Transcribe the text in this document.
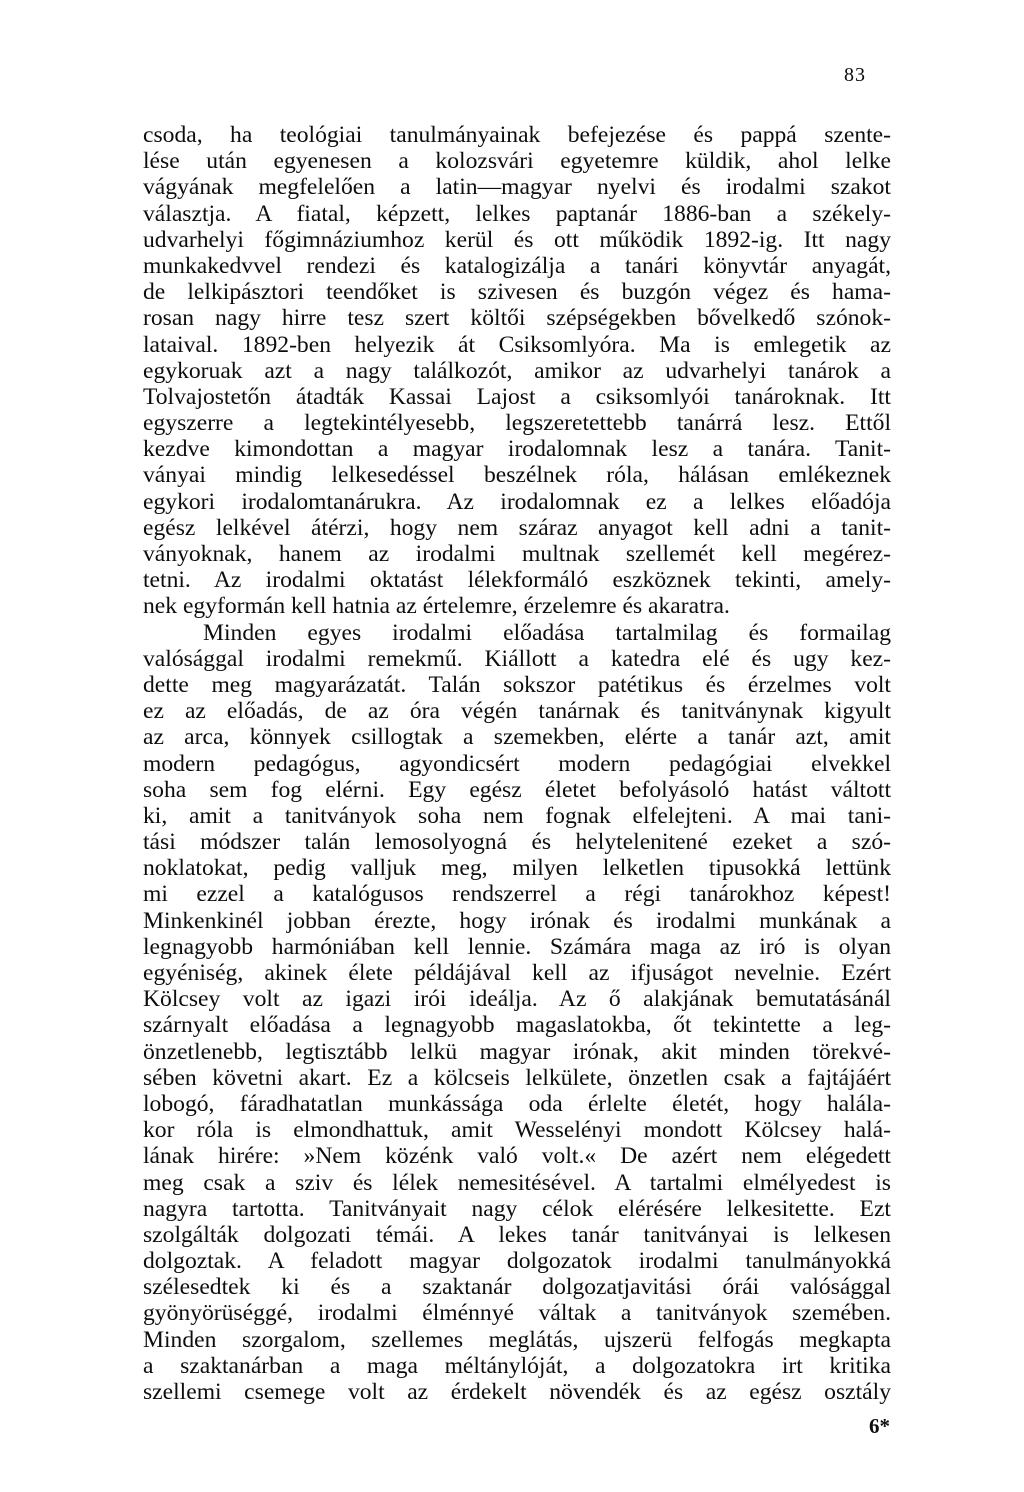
83
csoda, ha teológiai tanulmányainak befejezése és pappá szente-
lése után egyenesen a kolozsvári egyetemre küldik, ahol lelke
vágyának megfelelően a latin—magyar nyelvi és irodalmi szakot
választja. A fiatal, képzett, lelkes paptanár 1886-ban a székely-
udvarhelyi főgimnáziumhoz kerül és ott működik 1892-ig. Itt nagy
munkakedvvel rendezi és katalogizálja a tanári könyvtár anyagát,
de lelkipásztori teendőket is szivesen és buzgón végez és hama-
rosan nagy hirre tesz szert költői szépségekben bővelkedő szónok-
lataival. 1892-ben helyezik át Csiksomlyóra. Ma is emlegetik az
egykoruak azt a nagy találkozót, amikor az udvarhelyi tanárok a
Tolvajostetőn átadták Kassai Lajost a csiksomlyói tanároknak. Itt
egyszerre a legtekintélyesebb, legszeretettebb tanárrá lesz. Ettől
kezdve kimondottan a magyar irodalomnak lesz a tanára. Tanit-
ványai mindig lelkesedéssel beszélnek róla, hálásan emlékeznek
egykori irodalomtanárukra. Az irodalomnak ez a lelkes előadója
egész lelkével átérzi, hogy nem száraz anyagot kell adni a tanit-
ványoknak, hanem az irodalmi multnak szellemét kell megérez-
tetni. Az irodalmi oktatást lélekformáló eszköznek tekinti, amely-
nek egyformán kell hatnia az értelemre, érzelemre és akaratra.
Minden egyes irodalmi előadása tartalmilag és formailag
valósággal irodalmi remekmű. Kiállott a katedra elé és ugy kez-
dette meg magyarázatát. Talán sokszor patétikus és érzelmes volt
ez az előadás, de az óra végén tanárnak és tanitványnak kigyult
az arca, könnyek csillogtak a szemekben, elérte a tanár azt, amit
modern pedagógus, agyondicsért modern pedagógiai elvekkel
soha sem fog elérni. Egy egész életet befolyásoló hatást váltott
ki, amit a tanitványok soha nem fognak elfelejteni. A mai tani-
tási módszer talán lemosolyogná és helytelenitené ezeket a szó-
noklatokat, pedig valljuk meg, milyen lelketlen tipusokká lettünk
mi ezzel a katalógusos rendszerrel a régi tanárokhoz képest!
Minkenkinél jobban érezte, hogy irónak és irodalmi munkának a
legnagyobb harmóniában kell lennie. Számára maga az iró is olyan
egyéniség, akinek élete példájával kell az ifjuságot nevelnie. Ezért
Kölcsey volt az igazi irói ideálja. Az ő alakjának bemutatásánál
szárnyalt előadása a legnagyobb magaslatokba, őt tekintette a leg-
önzetlenebb, legtisztább lelkü magyar irónak, akit minden törekvé-
sében követni akart. Ez a kölcseis lelkülete, önzetlen csak a fajtájáért
lobogó, fáradhatatlan munkássága oda érlelte életét, hogy halála-
kor róla is elmondhattuk, amit Wesselényi mondott Kölcsey halá-
lának hirére: »Nem közénk való volt.« De azért nem elégedett
meg csak a sziv és lélek nemesitésével. A tartalmi elmélyedest is
nagyra tartotta. Tanitványait nagy célok elérésére lelkesitette. Ezt
szolgálták dolgozati témái. A lekes tanár tanitványai is lelkesen
dolgoztak. A feladott magyar dolgozatok irodalmi tanulmányokká
szélesedtek ki és a szaktanár dolgozatjavitási órái valósággal
gyönyörüséggé, irodalmi élménnyé váltak a tanitványok szemében.
Minden szorgalom, szellemes meglátás, ujszerü felfogás megkapta
a szaktanárban a maga méltánylóját, a dolgozatokra irt kritika
szellemi csemege volt az érdekelt növendék és az egész osztály
6*
